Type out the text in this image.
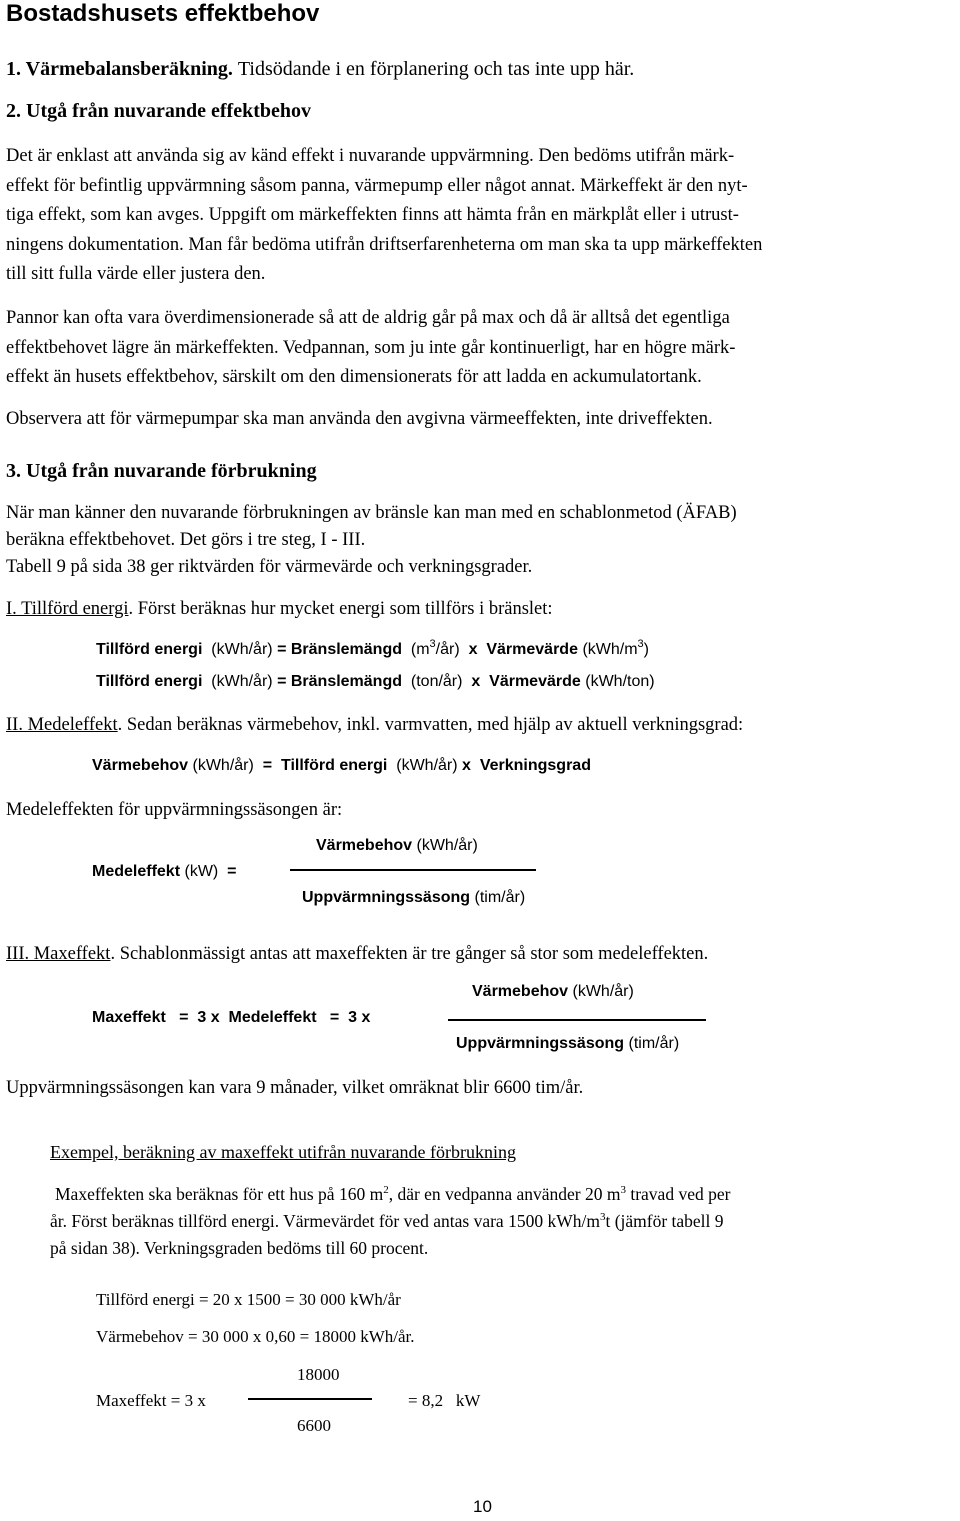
Bostadshusets effektbehov
1. Värmebalansberäkning. Tidsödande i en förplanering och tas inte upp här.
2. Utgå från nuvarande effektbehov
Det är enklast att använda sig av känd effekt i nuvarande uppvärmning. Den bedöms utifrån märk-
effekt för befintlig uppvärmning såsom panna, värmepump eller något annat. Märkeffekt är den nyt-
tiga effekt, som kan avges. Uppgift om märkeffekten finns att hämta från en märkplåt eller i utrust-
ningens dokumentation. Man får bedöma utifrån driftserfarenheterna om man ska ta upp märkeffekten
till sitt fulla värde eller justera den.
Pannor kan ofta vara överdimensionerade så att de aldrig går på max och då är alltså det egentliga
effektbehovet lägre än märkeffekten. Vedpannan, som ju inte går kontinuerligt, har en högre märk-
effekt än husets effektbehov, särskilt om den dimensionerats för att ladda en ackumulatortank.
Observera att för värmepumpar ska man använda den avgivna värmeeffekten, inte driveffekten.
3. Utgå från nuvarande förbrukning
När man känner den nuvarande förbrukningen av bränsle kan man med en schablonmetod (ÄFAB)
beräkna effektbehovet. Det görs i tre steg, I - III.
Tabell 9 på sida 38 ger riktvärden för värmevärde och verkningsgrader.
I. Tillförd energi. Först beräknas hur mycket energi som tillförs i bränslet:
Tillförd energi (kWh/år) = Bränslemängd $(m^3/år)$ x Värmevärde $(kWh/m^3)$
Tillförd energi (kWh/år) = Bränslemängd (ton/år) x Värmevärde (kWh/ton)
II. Medeleffekt. Sedan beräknas värmebehov, inkl. varmvatten, med hjälp av aktuell verkningsgrad:
Värmebehov (kWh/år) = Tillförd energi (kWh/år) x Verkningsgrad
Medeleffekten för uppvärmningssäsongen är:
Värmebehov (kWh/år)
Medeleffekt (kW) =
Uppvärmningssäsong (tim/år)
III. Maxeffekt. Schablonmässigt antas att maxeffekten är tre gånger så stor som medeleffekten.
Värmebehov (kWh/år)
Maxeffekt = 3 x Medeleffekt = 3 x
Uppvärmningssäsong (tim/år)
Uppvärmningssäsongen kan vara 9 månader, vilket omräknat blir 6600 tim/år.
Exempel, beräkning av maxeffekt utifrån nuvarande förbrukning
Maxeffekten ska beräknas för ett hus på 160 $m^2$, där en vedpanna använder 20 $m^3$ travad ved per
år. Först beräknas tillförd energi. Värmevärdet för ved antas vara 1500 kWh/$m^3t$ (jämför tabell 9
på sidan 38). Verkningsgraden bedöms till 60 procent.
Tillförd energi = 20 x 1500 = 30 000 kWh/år
Värmebehov = 30 000 x 0,60 = 18000 kWh/år.
18000
Maxeffekt = 3 x
6600
= 8,2 kW
10
